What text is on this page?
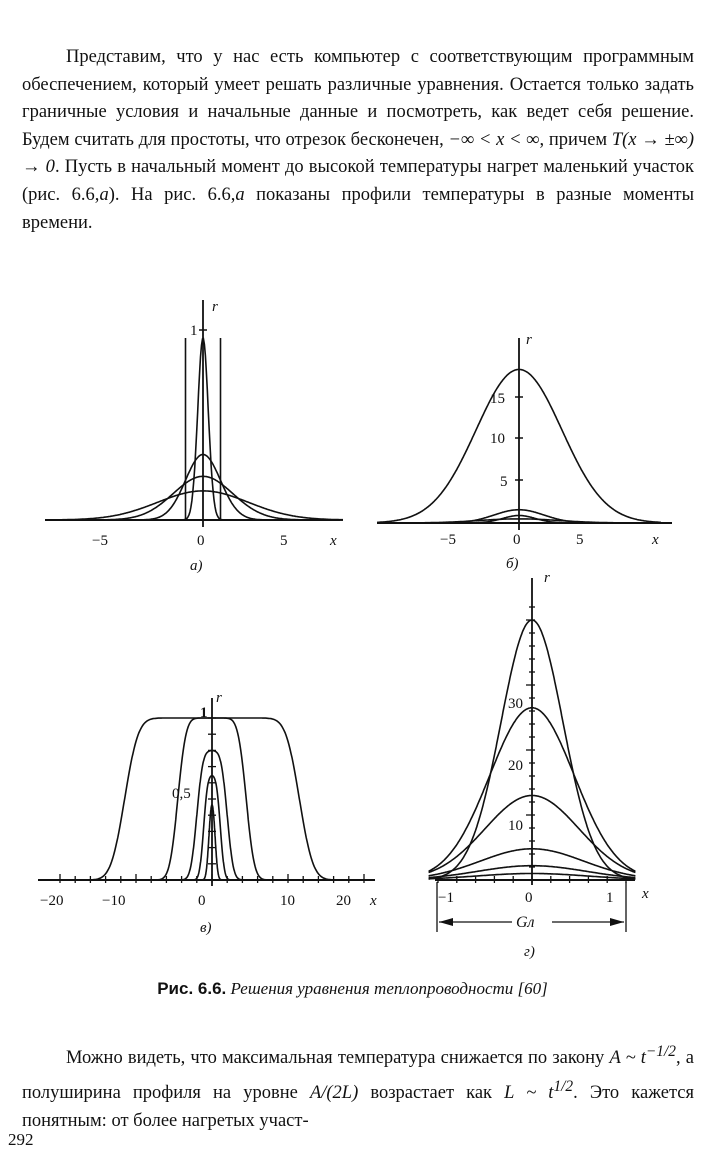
Представим, что у нас есть компьютер с соответствующим программным обеспечением, который умеет решать различные уравнения. Остается только задать граничные условия и начальные данные и посмотреть, как ведет себя решение. Будем считать для простоты, что отрезок бесконечен, −∞ < x < ∞, причем T(x → ±∞) → 0. Пусть в начальный момент до высокой температуры нагрет маленький участок (рис. 6.6,а). На рис. 6.6,а показаны профили температуры в разные моменты времени.

r
1
−5	0	5	x
а)
r
5
10
15
−5	0	5	x
б)
r
1
0,5
−20	−10	0	10	20 x
в)
r
10
20
30
−1	0	1 x
Gл
г)
Рис. 6.6. Решения уравнения теплопроводности [60]

Можно видеть, что максимальная температура снижается по закону A ~ $t^{-1/2}$, а полуширина профиля на уровне A/(2L) возрастает как L ~ $t^{1/2}$. Это кажется понятным: от более нагретых участ-

292
